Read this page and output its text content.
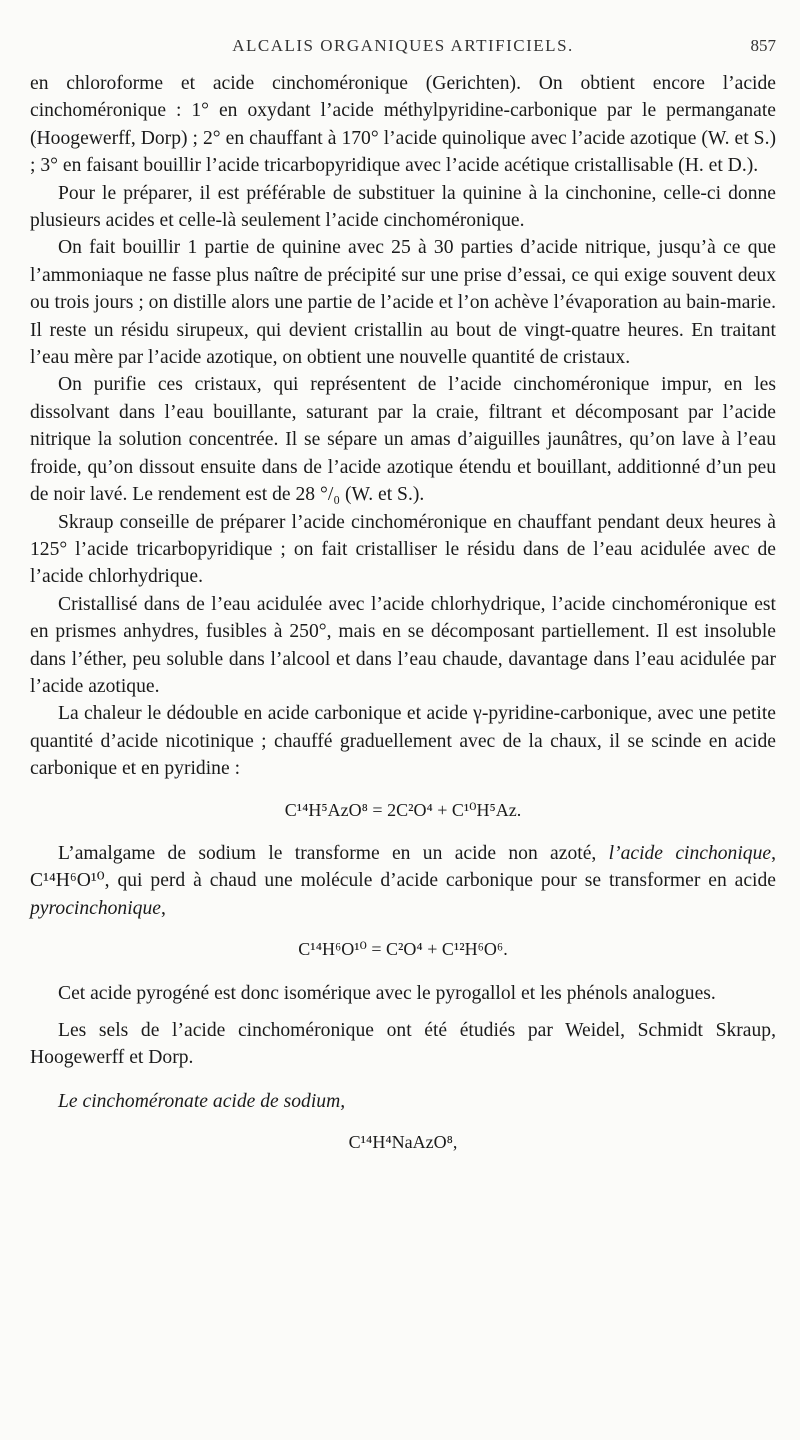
ALCALIS ORGANIQUES ARTIFICIELS.	857

en chloroforme et acide cinchoméronique (Gerichten). On obtient encore l’acide cinchoméronique : 1° en oxydant l’acide méthylpyridine-carbonique par le permanganate (Hoogewerff, Dorp) ; 2° en chauffant à 170° l’acide quinolique avec l’acide azotique (W. et S.) ; 3° en faisant bouillir l’acide tricarbopyridique avec l’acide acétique cristallisable (H. et D.).

Pour le préparer, il est préférable de substituer la quinine à la cinchonine, celle-ci donne plusieurs acides et celle-là seulement l’acide cinchoméronique.

On fait bouillir 1 partie de quinine avec 25 à 30 parties d’acide nitrique, jusqu’à ce que l’ammoniaque ne fasse plus naître de précipité sur une prise d’essai, ce qui exige souvent deux ou trois jours ; on distille alors une partie de l’acide et l’on achève l’évaporation au bain-marie. Il reste un résidu sirupeux, qui devient cristallin au bout de vingt-quatre heures. En traitant l’eau mère par l’acide azotique, on obtient une nouvelle quantité de cristaux.

On purifie ces cristaux, qui représentent de l’acide cinchoméronique impur, en les dissolvant dans l’eau bouillante, saturant par la craie, filtrant et décomposant par l’acide nitrique la solution concentrée. Il se sépare un amas d’aiguilles jaunâtres, qu’on lave à l’eau froide, qu’on dissout ensuite dans de l’acide azotique étendu et bouillant, additionné d’un peu de noir lavé. Le rendement est de 28 °/₀ (W. et S.).

Skraup conseille de préparer l’acide cinchoméronique en chauffant pendant deux heures à 125° l’acide tricarbopyridique ; on fait cristalliser le résidu dans de l’eau acidulée avec de l’acide chlorhydrique.

Cristallisé dans de l’eau acidulée avec l’acide chlorhydrique, l’acide cinchoméronique est en prismes anhydres, fusibles à 250°, mais en se décomposant partiellement. Il est insoluble dans l’éther, peu soluble dans l’alcool et dans l’eau chaude, davantage dans l’eau acidulée par l’acide azotique.

La chaleur le dédouble en acide carbonique et acide γ-pyridine-carbonique, avec une petite quantité d’acide nicotinique ; chauffé graduellement avec de la chaux, il se scinde en acide carbonique et en pyridine :

C¹⁴H⁵AzO⁸ = 2C²O⁴ + C¹⁰H⁵Az.

L’amalgame de sodium le transforme en un acide non azoté, l’acide cinchonique, C¹⁴H⁶O¹⁰, qui perd à chaud une molécule d’acide carbonique pour se transformer en acide pyrocinchonique,

C¹⁴H⁶O¹⁰ = C²O⁴ + C¹²H⁶O⁶.

Cet acide pyrogéné est donc isomérique avec le pyrogallol et les phénols analogues.

Les sels de l’acide cinchoméronique ont été étudiés par Weidel, Schmidt Skraup, Hoogewerff et Dorp.

Le cinchoméronate acide de sodium,

C¹⁴H⁴NaAzO⁸,
